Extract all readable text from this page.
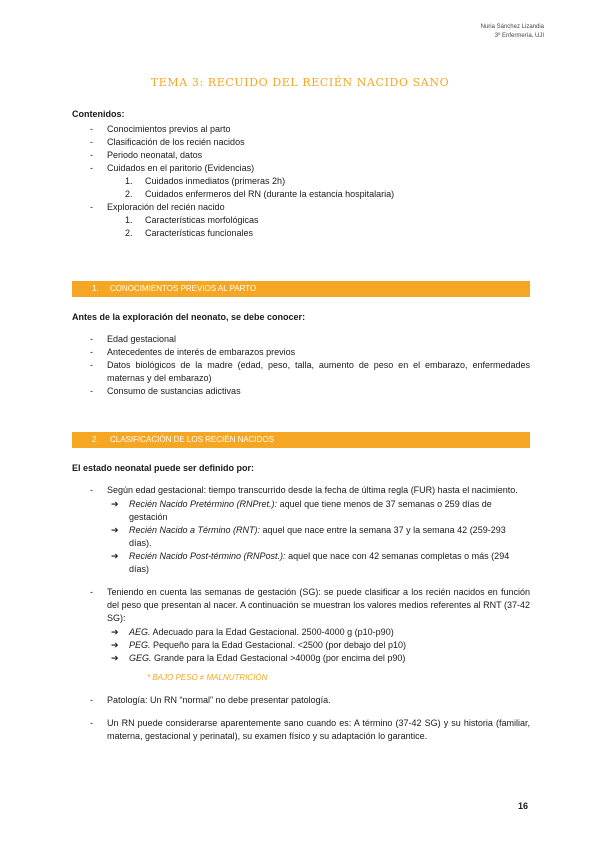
Nuria Sánchez Lizandia
3º Enfermería, UJI
TEMA 3: RECUIDO DEL RECIÉN NACIDO SANO
Contenidos:
- Conocimientos previos al parto
- Clasificación de los recién nacidos
- Periodo neonatal, datos
- Cuidados en el paritorio (Evidencias)
1. Cuidados inmediatos (primeras 2h)
2. Cuidados enfermeros del RN (durante la estancia hospitalaria)
- Exploración del recién nacido
1. Características morfológicas
2. Características funcionales
1. CONOCIMIENTOS PREVIOS AL PARTO
Antes de la exploración del neonato, se debe conocer:
- Edad gestacional
- Antecedentes de interés de embarazos previos
- Datos biológicos de la madre (edad, peso, talla, aumento de peso en el embarazo, enfermedades maternas y del embarazo)
- Consumo de sustancias adictivas
2. CLASIFICACIÓN DE LOS RECIÉN NACIDOS
El estado neonatal puede ser definido por:
- Según edad gestacional: tiempo transcurrido desde la fecha de última regla (FUR) hasta el nacimiento.
➔ Recién Nacido Pretérmino (RNPret.): aquel que tiene menos de 37 semanas o 259 días de gestación
➔ Recién Nacido a Término (RNT): aquel que nace entre la semana 37 y la semana 42 (259-293 días).
➔ Recién Nacido Post-término (RNPost.): aquel que nace con 42 semanas completas o más (294 días)
- Teniendo en cuenta las semanas de gestación (SG): se puede clasificar a los recién nacidos en función del peso que presentan al nacer. A continuación se muestran los valores medios referentes al RNT (37-42 SG):
➔ AEG. Adecuado para la Edad Gestacional. 2500-4000 g (p10-p90)
➔ PEG. Pequeño para la Edad Gestacional. <2500 (por debajo del p10)
➔ GEG. Grande para la Edad Gestacional >4000g (por encima del p90)
* BAJO PESO ≠ MALNUTRICIÓN
- Patología: Un RN “normal” no debe presentar patología.
- Un RN puede considerarse aparentemente sano cuando es: A término (37-42 SG) y su historia (familiar, materna, gestacional y perinatal), su examen físico y su adaptación lo garantice.
16
